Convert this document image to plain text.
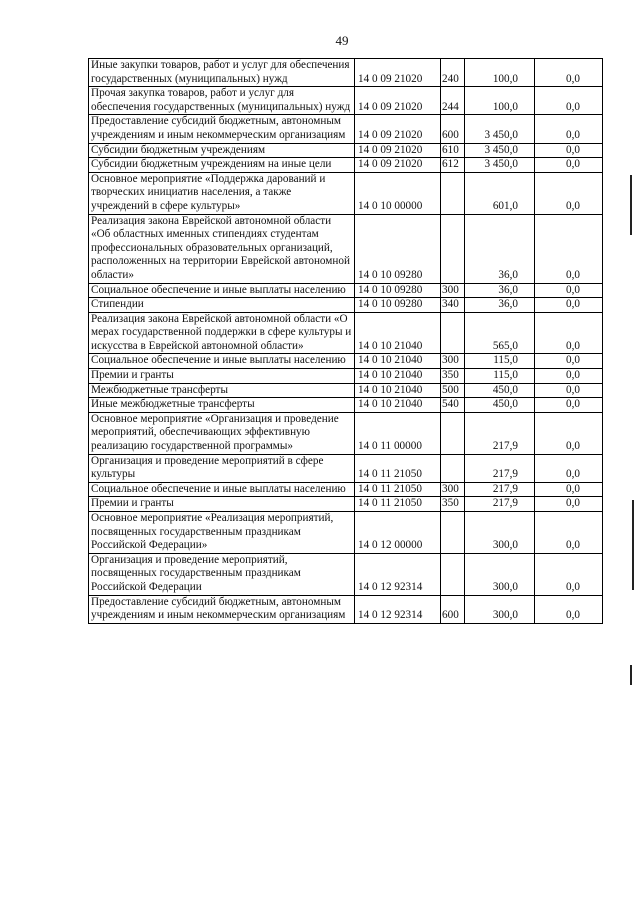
49
Иные закупки товаров, работ и услуг для обеспечения государственных (муниципальных) нужд	14 0 09 21020	240	100,0	0,0
Прочая закупка товаров, работ и услуг для обеспечения государственных (муниципальных) нужд	14 0 09 21020	244	100,0	0,0
Предоставление субсидий бюджетным, автономным учреждениям и иным некоммерческим организациям	14 0 09 21020	600	3 450,0	0,0
Субсидии бюджетным учреждениям	14 0 09 21020	610	3 450,0	0,0
Субсидии бюджетным учреждениям на иные цели	14 0 09 21020	612	3 450,0	0,0
Основное мероприятие «Поддержка дарований и творческих инициатив населения, а также учреждений в сфере культуры»	14 0 10 00000		601,0	0,0
Реализация закона Еврейской автономной области «Об областных именных стипендиях студентам профессиональных образовательных организаций, расположенных на территории Еврейской автономной области»	14 0 10 09280		36,0	0,0
Социальное обеспечение и иные выплаты населению	14 0 10 09280	300	36,0	0,0
Стипендии	14 0 10 09280	340	36,0	0,0
Реализация закона Еврейской автономной области «О мерах государственной поддержки в сфере культуры и искусства в Еврейской автономной области»	14 0 10 21040		565,0	0,0
Социальное обеспечение и иные выплаты населению	14 0 10 21040	300	115,0	0,0
Премии и гранты	14 0 10 21040	350	115,0	0,0
Межбюджетные трансферты	14 0 10 21040	500	450,0	0,0
Иные межбюджетные трансферты	14 0 10 21040	540	450,0	0,0
Основное мероприятие «Организация и проведение мероприятий, обеспечивающих эффективную реализацию государственной программы»	14 0 11 00000		217,9	0,0
Организация и проведение мероприятий в сфере культуры	14 0 11 21050		217,9	0,0
Социальное обеспечение и иные выплаты населению	14 0 11 21050	300	217,9	0,0
Премии и гранты	14 0 11 21050	350	217,9	0,0
Основное мероприятие «Реализация мероприятий, посвященных государственным праздникам Российской Федерации»	14 0 12 00000		300,0	0,0
Организация и проведение мероприятий, посвященных государственным праздникам Российской Федерации	14 0 12 92314		300,0	0,0
Предоставление субсидий бюджетным, автономным учреждениям и иным некоммерческим организациям	14 0 12 92314	600	300,0	0,0
